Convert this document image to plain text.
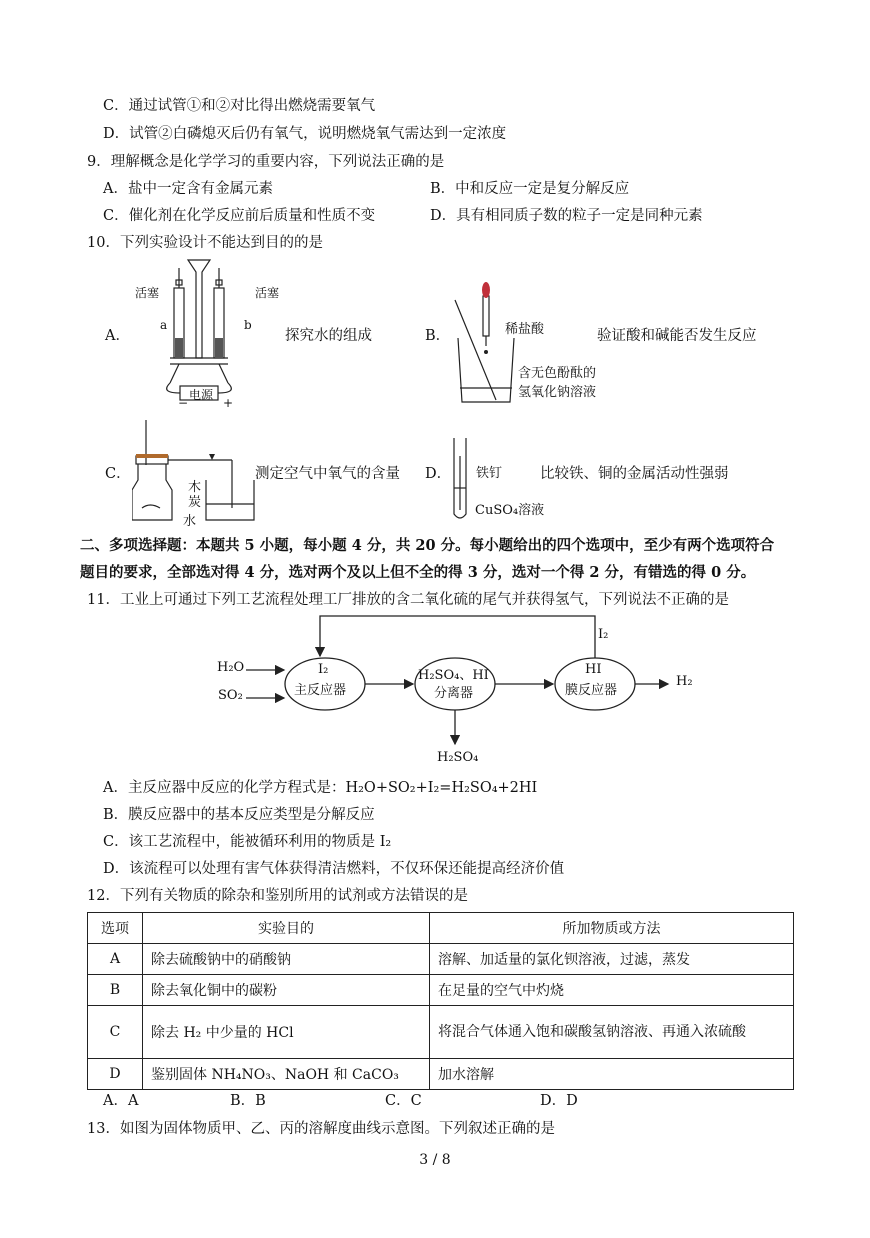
C．通过试管①和②对比得出燃烧需要氧气
D．试管②白磷熄灭后仍有氧气，说明燃烧氧气需达到一定浓度
9．理解概念是化学学习的重要内容，下列说法正确的是
A．盐中一定含有金属元素	B．中和反应一定是复分解反应
C．催化剂在化学反应前后质量和性质不变	D．具有相同质子数的粒子一定是同种元素
10．下列实验设计不能达到目的的是
A．
活塞	活塞
a	b
电源
−	+
探究水的组成	B．	稀盐酸
含无色酚酞的
氢氧化钠溶液
验证酸和碱能否发生反应
C．
木
炭
水
测定空气中氧气的含量 D． 铁钉
CuSO₄溶液
比较铁、铜的金属活动性强弱
二、多项选择题：本题共 5 小题，每小题 4 分，共 20 分。每小题给出的四个选项中，至少有两个选项符合
题目的要求，全部选对得 4 分，选对两个及以上但不全的得 3 分，选对一个得 2 分，有错选的得 0 分。
11．工业上可通过下列工艺流程处理工厂排放的含二氧化硫的尾气并获得氢气，下列说法不正确的是
H₂O
SO₂
I₂
I₂
主反应器
H₂SO₄、HI
分离器
HI
膜反应器
H₂
H₂SO₄
A．主反应器中反应的化学方程式是：H₂O+SO₂+I₂=H₂SO₄+2HI
B．膜反应器中的基本反应类型是分解反应
C．该工艺流程中，能被循环利用的物质是 I₂
D．该流程可以处理有害气体获得清洁燃料，不仅环保还能提高经济价值
12．下列有关物质的除杂和鉴别所用的试剂或方法错误的是
选项	实验目的	所加物质或方法
A	除去硫酸钠中的硝酸钠	溶解、加适量的氯化钡溶液，过滤，蒸发
B	除去氧化铜中的碳粉	在足量的空气中灼烧
C	除去 H₂ 中少量的 HCl	将混合气体通入饱和碳酸氢钠溶液、再通入浓硫酸
D	鉴别固体 NH₄NO₃、NaOH 和 CaCO₃	加水溶解
A．A	B．B	C．C	D．D
13．如图为固体物质甲、乙、丙的溶解度曲线示意图。下列叙述正确的是
3 / 8
